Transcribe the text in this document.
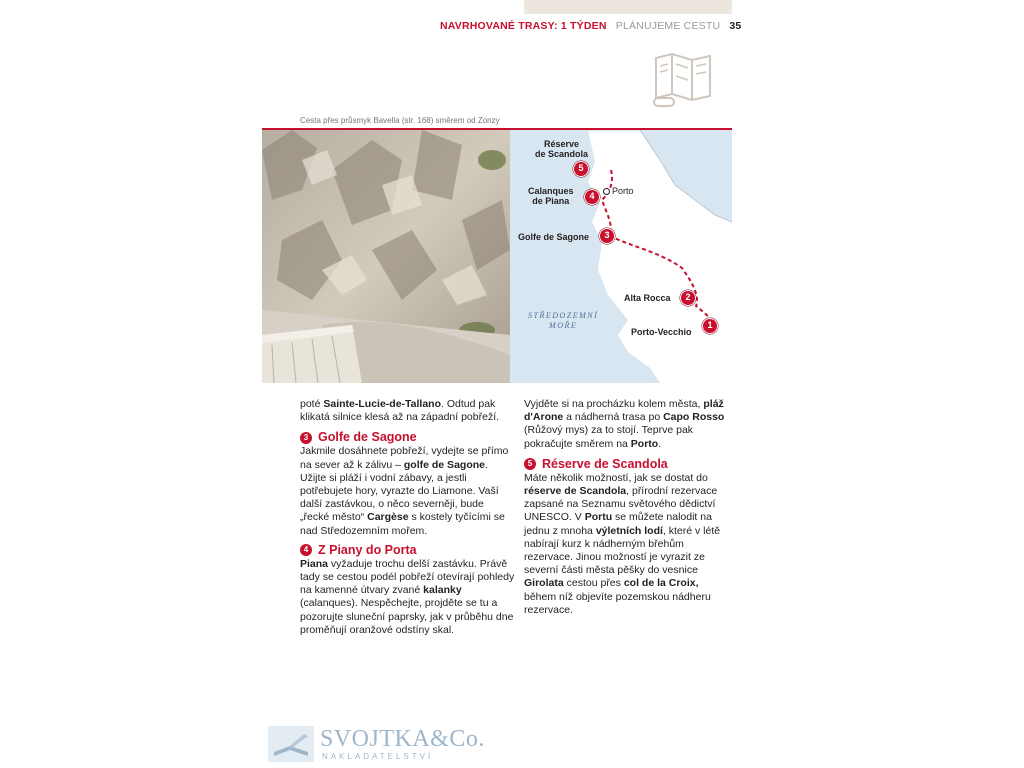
NAVRHOVANÉ TRASY: 1 TÝDEN PLÁNUJEME CESTU 35
Cesta přes průsmyk Bavella (str. 168) směrem od Zonzy
Réserve
de Scandola
5
Calanques
de Piana	4	Porto
Golfe de Sagone	3
Alta Rocca	2
Porto-Vecchio
1
STŘEDOZEMNÍ
MOŘE

poté Sainte-Lucie-de-Tallano. Odtud pak klikatá silnice klesá až na západní pobřeží.

3 Golfe de Sagone

Jakmile dosáhnete pobřeží, vydejte se přímo na sever až k zálivu – golfe de Sagone. Užijte si pláží i vodní zábavy, a jestli potřebujete hory, vyrazte do Liamone. Vaší další zastávkou, o něco severněji, bude „řecké město“ Cargèse s kostely tyčícími se nad Středozemním mořem.

4 Z Piany do Porta

Piana vyžaduje trochu delší zastávku. Právě tady se cestou podél pobřeží otevírají pohledy na kamenné útvary zvané kalanky (calanques). Nespěchejte, projděte se tu a pozorujte sluneční paprsky, jak v průběhu dne proměňují oranžové odstíny skal.

Vyjděte si na procházku kolem města, pláž d'Arone a nádherná trasa po Capo Rosso (Růžový mys) za to stojí. Teprve pak pokračujte směrem na Porto.

5 Réserve de Scandola

Máte několik možností, jak se dostat do réserve de Scandola, přírodní rezervace zapsané na Seznamu světového dědictví UNESCO. V Portu se můžete nalodit na jednu z mnoha výletních lodí, které v létě nabírají kurz k nádherným břehům rezervace. Jinou možností je vyrazit ze severní části města pěšky do vesnice Girolata cestou přes col de la Croix, během níž objevíte pozemskou nádheru rezervace.

SVOJTKA&Co.
NAKLADATELSTVÍ
